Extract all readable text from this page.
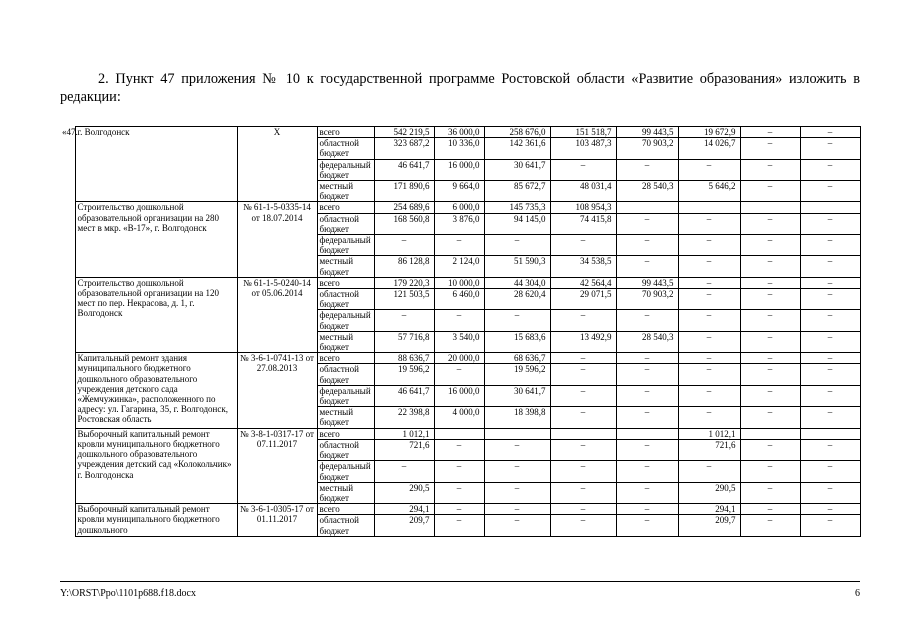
2. Пункт 47 приложения № 10 к государственной программе Ростовской области «Развитие образования» изложить в редакции:
«47.	г. Волгодонск	Х	всего	542 219,5	36 000,0	258 676,0	151 518,7	99 443,5	19 672,9	–	–
			областной бюджет	323 687,2	10 336,0	142 361,6	103 487,3	70 903,2	14 026,7	–	–
			федеральный бюджет	46 641,7	16 000,0	30 641,7	–	–	–	–	–
			местный бюджет	171 890,6	9 664,0	85 672,7	48 031,4	28 540,3	5 646,2	–	–
	Строительство дошкольной образовательной организации на 280 мест в мкр. «В-17», г. Волгодонск	№ 61-1-5-0335-14 от 18.07.2014	всего	254 689,6	6 000,0	145 735,3	108 954,3				
			областной бюджет	168 560,8	3 876,0	94 145,0	74 415,8	–	–	–	–
			федеральный бюджет	–	–	–	–	–	–	–	–
			местный бюджет	86 128,8	2 124,0	51 590,3	34 538,5	–	–	–	–
	Строительство дошкольной образовательной организации на 120 мест по пер. Некрасова, д. 1, г. Волгодонск	№ 61-1-5-0240-14 от 05.06.2014	всего	179 220,3	10 000,0	44 304,0	42 564,4	99 443,5	–	–	–
			областной бюджет	121 503,5	6 460,0	28 620,4	29 071,5	70 903,2	–	–	–
			федеральный бюджет	–	–	–	–	–	–	–	–
			местный бюджет	57 716,8	3 540,0	15 683,6	13 492,9	28 540,3	–	–	–
	Капитальный ремонт здания муниципального бюджетного дошкольного образовательного учреждения детского сада «Жемчужинка», расположенного по адресу: ул. Гагарина, 35, г. Волгодонск, Ростовская область	№ 3-6-1-0741-13 от 27.08.2013	всего	88 636,7	20 000,0	68 636,7	–	–	–	–	–
			областной бюджет	19 596,2	–	19 596,2	–	–	–	–	–
			федеральный бюджет	46 641,7	16 000,0	30 641,7	–	–	–	–	–
			местный бюджет	22 398,8	4 000,0	18 398,8	–	–	–	–	–
	Выборочный капитальный ремонт кровли муниципального бюджетного дошкольного образовательного учреждения детский сад «Колокольчик» г. Волгодонска	№ 3-8-1-0317-17 от 07.11.2017	всего	1 012,1					1 012,1		
			областной бюджет	721,6	–	–	–	–	721,6	–	–
			федеральный бюджет	–	–	–	–	–	–	–	–
			местный бюджет	290,5	–	–	–	–	290,5	–	–
	Выборочный капитальный ремонт кровли муниципального бюджетного дошкольного	№ 3-6-1-0305-17 от 01.11.2017	всего	294,1	–	–	–	–	294,1	–	–
			областной бюджет	209,7	–	–	–	–	209,7	–	–
Y:\ORST\Ppo\1101p688.f18.docx	6
